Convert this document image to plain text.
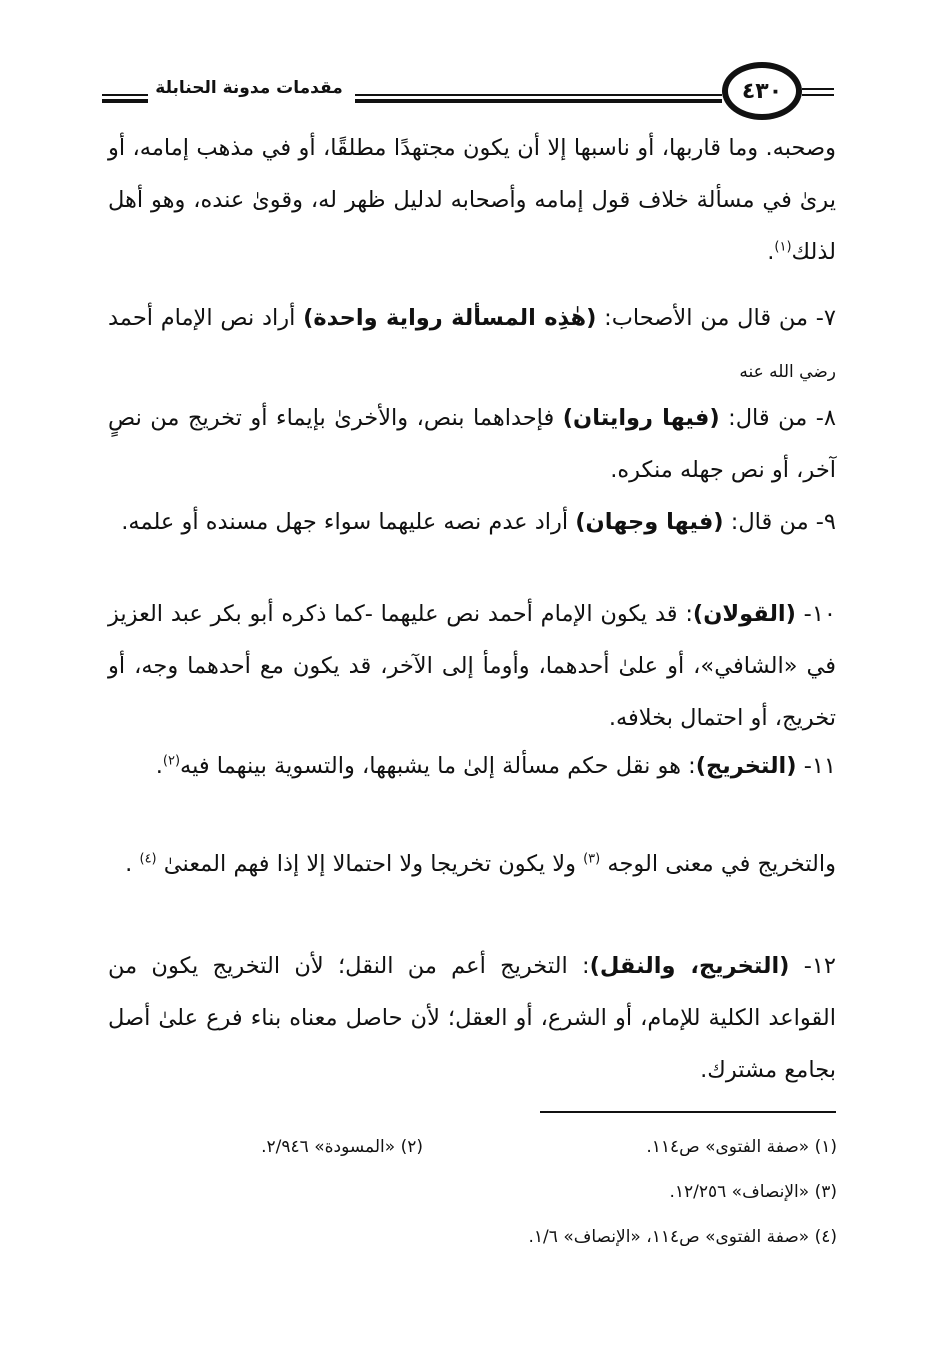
٤٣٠
مقدمات مدونة الحنابلة

وصحبه. وما قاربها، أو ناسبها إلا أن يكون مجتهدًا مطلقًا، أو في مذهب إمامه، أو يرىٰ في مسألة خلاف قول إمامه وأصحابه لدليل ظهر له، وقوىٰ عنده، وهو أهل لذلك$^{(١)}$.

٧- من قال من الأصحاب: (هٰذِه المسألة رواية واحدة) أراد نص الإمام أحمد رضي الله عنه

٨- من قال: (فيها روايتان) فإحداهما بنص، والأخرىٰ بإيماء أو تخريج من نصٍ آخر، أو نص جهله منكره.

٩- من قال: (فيها وجهان) أراد عدم نصه عليهما سواء جهل مسنده أو علمه.

١٠- (القولان): قد يكون الإمام أحمد نص عليهما -كما ذكره أبو بكر عبد العزيز في «الشافي»، أو علىٰ أحدهما، وأومأ إلى الآخر، قد يكون مع أحدهما وجه، أو تخريج، أو احتمال بخلافه.

١١- (التخريج): هو نقل حكم مسألة إلىٰ ما يشبهها، والتسوية بينهما فيه$^{(٢)}$.

والتخريج في معنى الوجه $^{(٣)}$ ولا يكون تخريجا ولا احتمالا إلا إذا فهم المعنىٰ $^{(٤)}$ .

١٢- (التخريج، والنقل): التخريج أعم من النقل؛ لأن التخريج يكون من القواعد الكلية للإمام، أو الشرع، أو العقل؛ لأن حاصل معناه بناء فرع علىٰ أصل بجامع مشترك.

(١) «صفة الفتوى» ص١١٤.
(٢) «المسودة» ٢/٩٤٦.
(٣) «الإنصاف» ١٢/٢٥٦.
(٤) «صفة الفتوى» ص١١٤، «الإنصاف» ١/٦.
